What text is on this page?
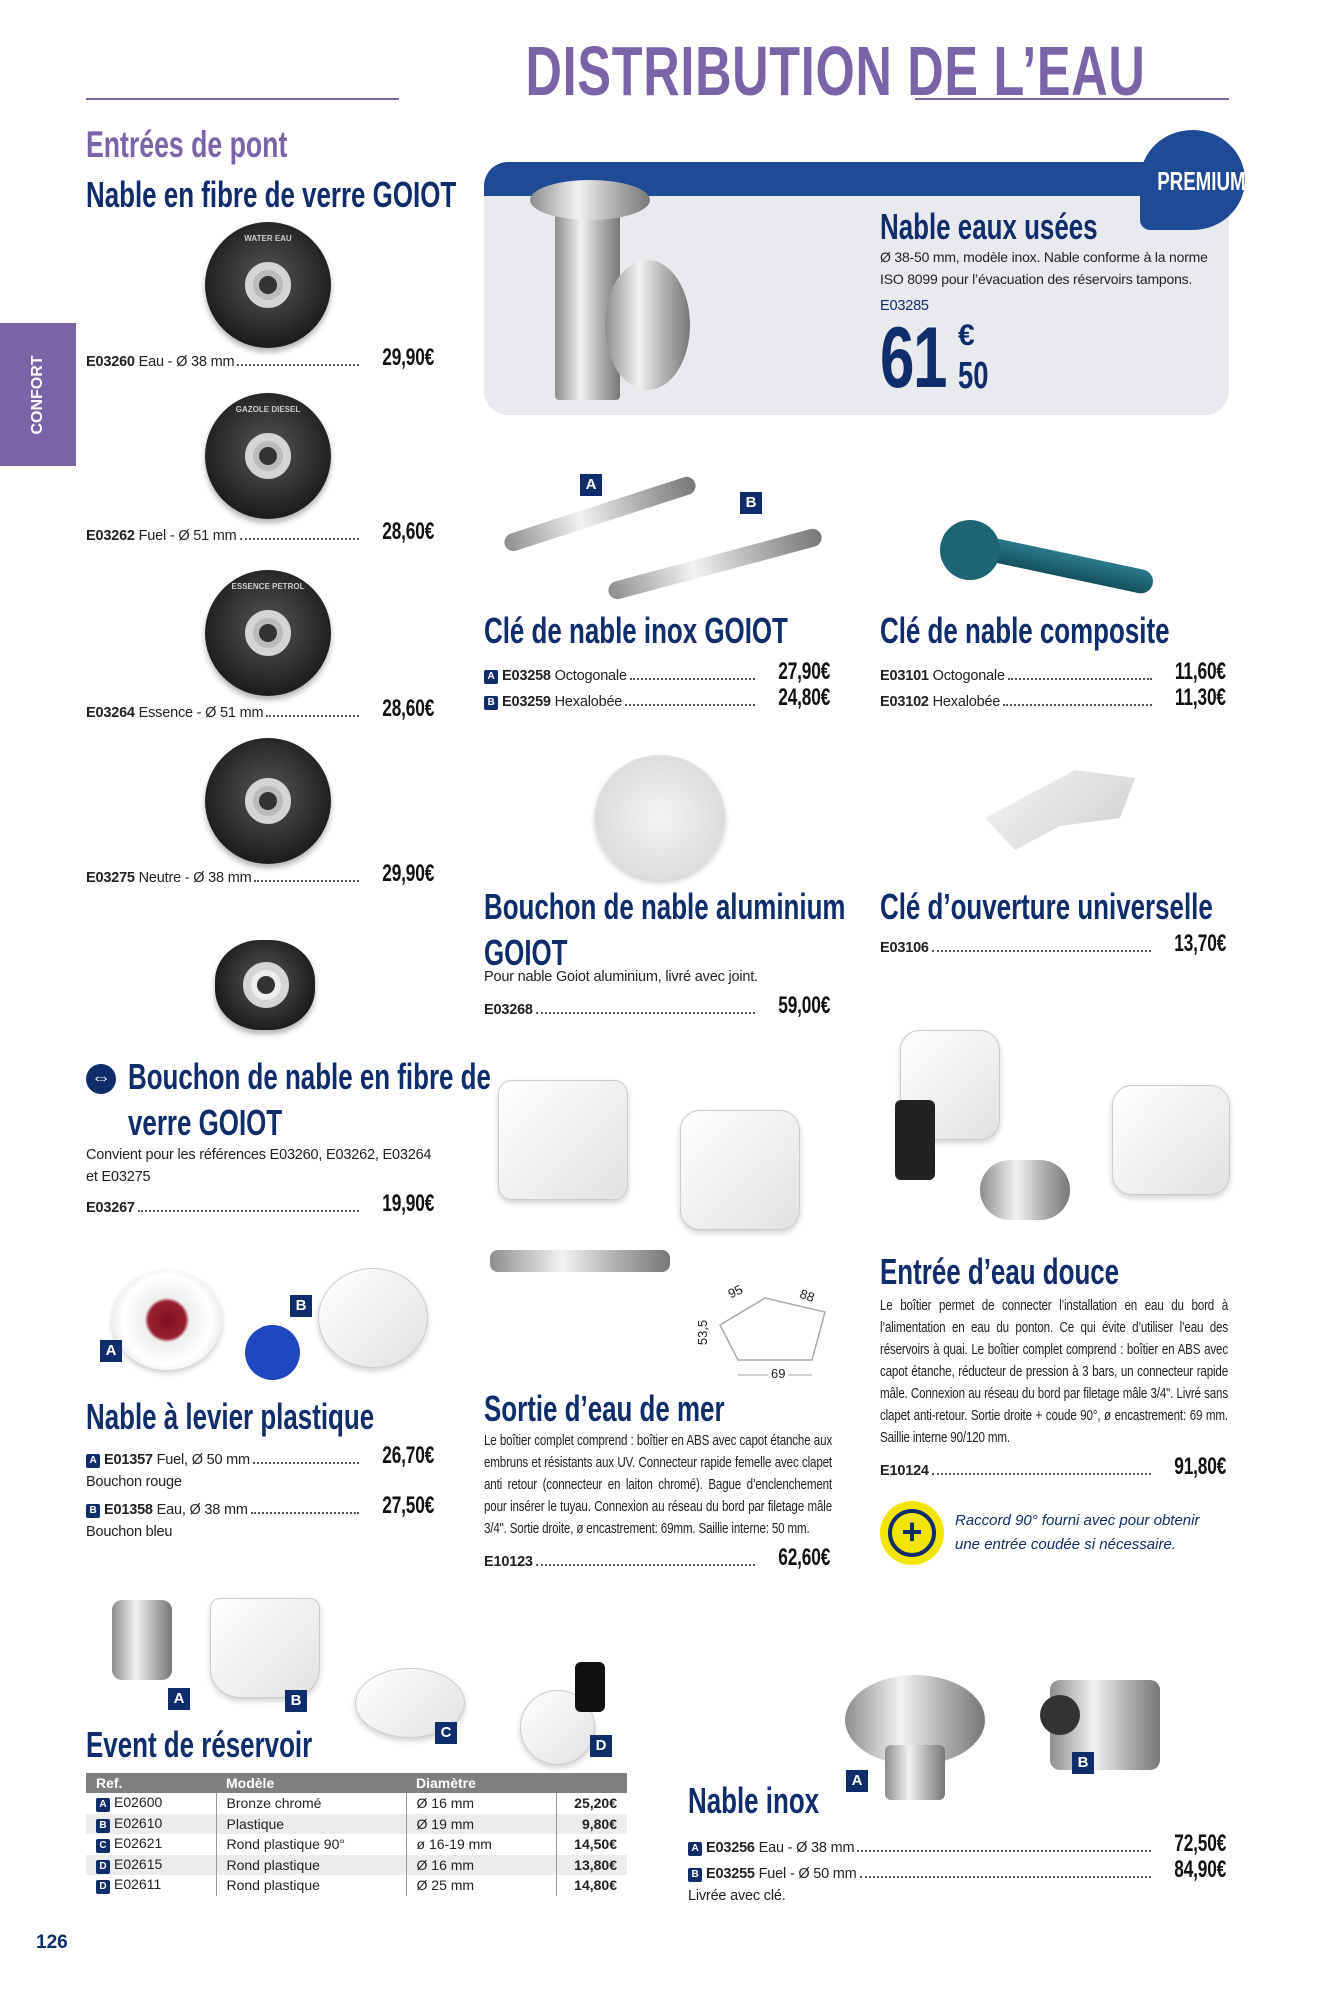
DISTRIBUTION DE L’EAU
CONFORT
126
Entrées de pont
Nable en fibre de verre GOIOT
WATER EAU
E03260
Eau - Ø 38 mm	29,90€
GAZOLE DIESEL
E03262
Fuel - Ø 51 mm	28,60€
ESSENCE PETROL
E03264
Essence - Ø 51 mm	28,60€
E03275
Neutre - Ø 38 mm	29,90€
⇔ Bouchon de nable en fibre de
verre GOIOT
Convient pour les références E03260, E03262, E03264 et E03275
E03267	19,90€
A
B
Nable à levier plastique
A E01357
Fuel, Ø 50 mm	26,70€
Bouchon rouge
B E01358
Eau, Ø 38 mm	27,50€
Bouchon bleu
A	B
C
D
Event de réservoir
Ref.	Modèle	Diamètre	
A E02600	Bronze chromé	Ø 16 mm	25,20€
B E02610	Plastique	Ø 19 mm	9,80€
C E02621	Rond plastique 90°	ø 16-19 mm	14,50€
D E02615	Rond plastique	Ø 16 mm	13,80€
D E02611	Rond plastique	Ø 25 mm	14,80€
PREMIUM
Nable eaux usées
Ø 38-50 mm, modèle inox. Nable conforme à la norme ISO 8099 pour l’évacuation des réservoirs tampons.
E03285
61 €
50
A
B
Clé de nable inox GOIOT
A E03258
Octogonale	27,90€
B E03259
Hexalobée	24,80€
Clé de nable composite
E03101
Octogonale	11,60€
E03102
Hexalobée	11,30€
Bouchon de nable aluminium
GOIOT
Pour nable Goiot aluminium, livré avec joint.
E03268	59,00€
Clé d’ouverture universelle
E03106	13,70€
95	88
53,5
69
Sortie d’eau de mer
Le boîtier complet comprend : boîtier en ABS avec capot étanche aux embruns et résistants aux UV. Connecteur rapide femelle avec clapet anti retour (connecteur en laiton chromé). Bague d’enclenchement pour insérer le tuyau. Connexion au réseau du bord par filetage mâle 3/4". Sortie droite, ø encastrement: 69mm. Saillie interne: 50 mm.
E10123	62,60€
Entrée d’eau douce
Le boîtier permet de connecter l’installation en eau du bord à l’alimentation en eau du ponton. Ce qui évite d’utiliser l’eau des réservoirs à quai. Le boîtier complet comprend : boîtier en ABS avec capot étanche, réducteur de pression à 3 bars, un connecteur rapide mâle. Connexion au réseau du bord par filetage mâle 3/4". Livré sans clapet anti-retour. Sortie droite + coude 90°, ø encastrement: 69 mm. Saillie interne 90/120 mm.
E10124	91,80€
+	Raccord 90° fourni avec pour obtenir
une entrée coudée si nécessaire.
A
B
Nable inox
A E03256
Eau - Ø 38 mm	72,50€
B E03255
Fuel - Ø 50 mm	84,90€
Livrée avec clé.
